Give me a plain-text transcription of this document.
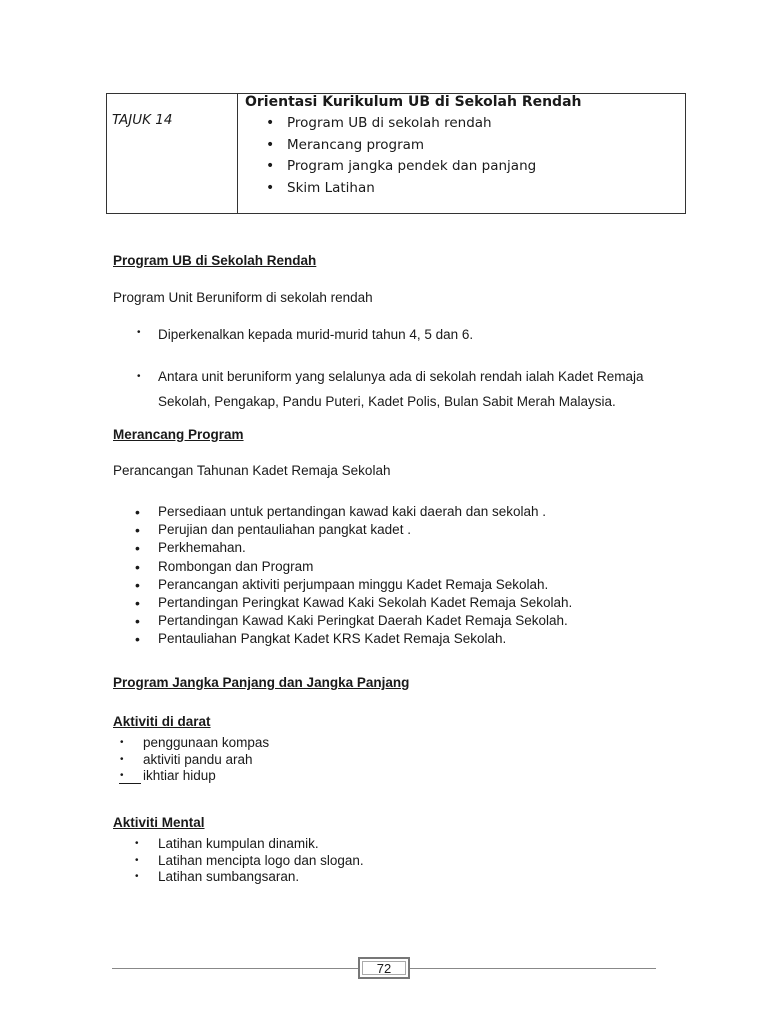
TAJUK 14
Orientasi Kurikulum UB di Sekolah Rendah
• Program UB di sekolah rendah
• Merancang program
• Program jangka pendek dan panjang
• Skim Latihan
Program UB di Sekolah Rendah
Program Unit Beruniform di sekolah rendah
• Diperkenalkan kepada murid-murid tahun 4, 5 dan 6.
• Antara unit beruniform yang selalunya ada di sekolah rendah ialah Kadet Remaja
Sekolah, Pengakap, Pandu Puteri, Kadet Polis, Bulan Sabit Merah Malaysia.
Merancang Program
Perancangan Tahunan Kadet Remaja Sekolah
• Persediaan untuk pertandingan kawad kaki daerah dan sekolah .
• Perujian dan pentauliahan pangkat kadet .
• Perkhemahan.
• Rombongan dan Program
• Perancangan aktiviti perjumpaan minggu Kadet Remaja Sekolah.
• Pertandingan Peringkat Kawad Kaki Sekolah Kadet Remaja Sekolah.
• Pertandingan Kawad Kaki Peringkat Daerah Kadet Remaja Sekolah.
• Pentauliahan Pangkat Kadet KRS Kadet Remaja Sekolah.
Program Jangka Panjang dan Jangka Panjang
Aktiviti di darat
• penggunaan kompas
• aktiviti pandu arah
• ikhtiar hidup
Aktiviti Mental
• Latihan kumpulan dinamik.
• Latihan mencipta logo dan slogan.
• Latihan sumbangsaran.
72
